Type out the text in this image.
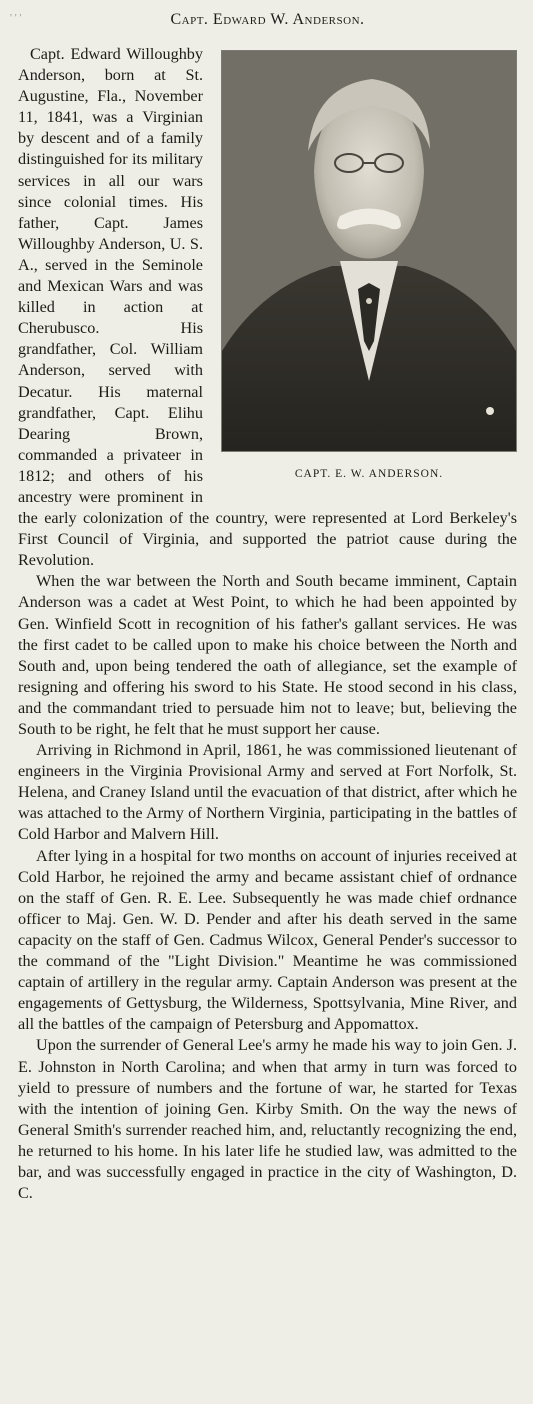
' ' '	Capt. Edward W. Anderson.
CAPT. E. W. ANDERSON.

Capt. Edward Willoughby Anderson, born at St. Augustine, Fla., November 11, 1841, was a Virginian by descent and of a family distinguished for its military services in all our wars since colonial times. His father, Capt. James Willoughby Anderson, U. S. A., served in the Seminole and Mexican Wars and was killed in action at Cherubusco. His grandfather, Col. William Anderson, served with Decatur. His maternal grandfather, Capt. Elihu Dearing Brown, commanded a privateer in 1812; and others of his ancestry were prominent in the early colonization of the country, were represented at Lord Berkeley's First Council of Virginia, and supported the patriot cause during the Revolution.

When the war between the North and South became imminent, Captain Anderson was a cadet at West Point, to which he had been appointed by Gen. Winfield Scott in recognition of his father's gallant services. He was the first cadet to be called upon to make his choice between the North and South and, upon being tendered the oath of allegiance, set the example of resigning and offering his sword to his State. He stood second in his class, and the commandant tried to persuade him not to leave; but, believing the South to be right, he felt that he must support her cause.

Arriving in Richmond in April, 1861, he was commissioned lieutenant of engineers in the Virginia Provisional Army and served at Fort Norfolk, St. Helena, and Craney Island until the evacuation of that district, after which he was attached to the Army of Northern Virginia, participating in the battles of Cold Harbor and Malvern Hill.

After lying in a hospital for two months on account of injuries received at Cold Harbor, he rejoined the army and became assistant chief of ordnance on the staff of Gen. R. E. Lee. Subsequently he was made chief ordnance officer to Maj. Gen. W. D. Pender and after his death served in the same capacity on the staff of Gen. Cadmus Wilcox, General Pender's successor to the command of the "Light Division." Meantime he was commissioned captain of artillery in the regular army. Captain Anderson was present at the engagements of Gettysburg, the Wilderness, Spottsylvania, Mine River, and all the battles of the campaign of Petersburg and Appomattox.

Upon the surrender of General Lee's army he made his way to join Gen. J. E. Johnston in North Carolina; and when that army in turn was forced to yield to pressure of numbers and the fortune of war, he started for Texas with the intention of joining Gen. Kirby Smith. On the way the news of General Smith's surrender reached him, and, reluctantly recognizing the end, he returned to his home. In his later life he studied law, was admitted to the bar, and was successfully engaged in practice in the city of Washington, D. C.
